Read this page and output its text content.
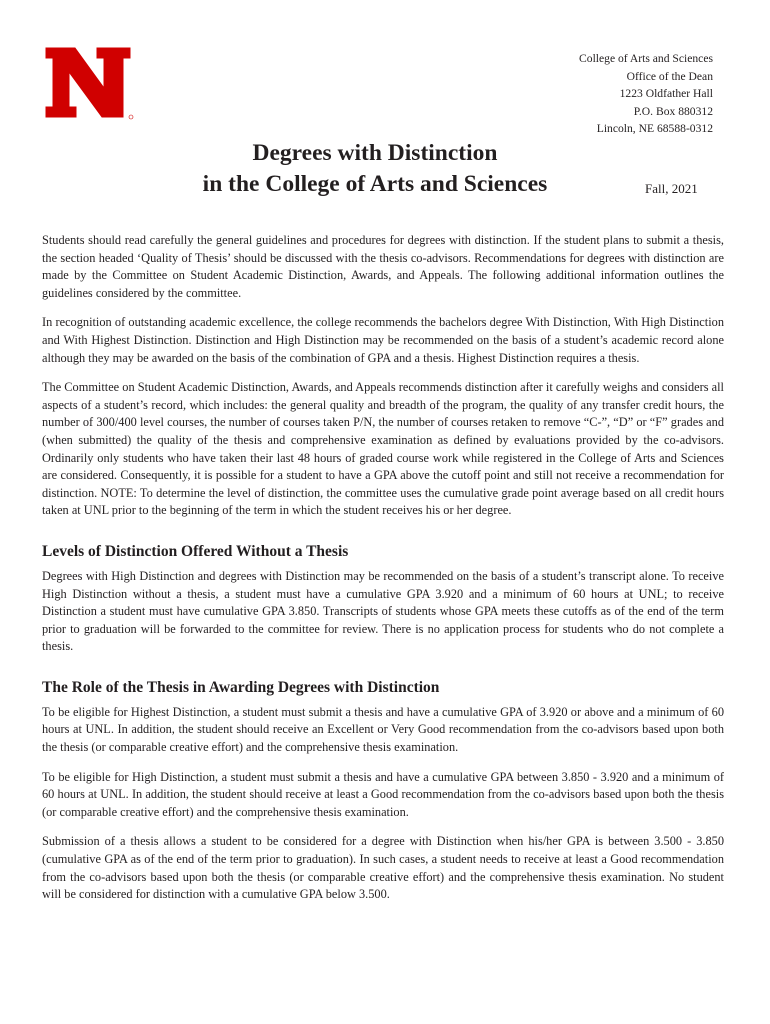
College of Arts and Sciences
Office of the Dean
1223 Oldfather Hall
P.O. Box 880312
Lincoln, NE 68588-0312
Degrees with Distinction
in the College of Arts and Sciences	Fall, 2021

Students should read carefully the general guidelines and procedures for degrees with distinction. If the student plans to submit a thesis, the section headed ‘Quality of Thesis’ should be discussed with the thesis co-advisors. Recommendations for degrees with distinction are made by the Committee on Student Academic Distinction, Awards, and Appeals. The following additional information outlines the guidelines considered by the committee.

In recognition of outstanding academic excellence, the college recommends the bachelors degree With Distinction, With High Distinction and With Highest Distinction. Distinction and High Distinction may be recommended on the basis of a student’s academic record alone although they may be awarded on the basis of the combination of GPA and a thesis. Highest Distinction requires a thesis.

The Committee on Student Academic Distinction, Awards, and Appeals recommends distinction after it carefully weighs and considers all aspects of a student’s record, which includes: the general quality and breadth of the program, the quality of any transfer credit hours, the number of 300/400 level courses, the number of courses taken P/N, the number of courses retaken to remove “C-”, “D” or “F” grades and (when submitted) the quality of the thesis and comprehensive examination as defined by evaluations provided by the co-advisors. Ordinarily only students who have taken their last 48 hours of graded course work while registered in the College of Arts and Sciences are considered. Consequently, it is possible for a student to have a GPA above the cutoff point and still not receive a recommendation for distinction. NOTE: To determine the level of distinction, the committee uses the cumulative grade point average based on all credit hours taken at UNL prior to the beginning of the term in which the student receives his or her degree.

Levels of Distinction Offered Without a Thesis

Degrees with High Distinction and degrees with Distinction may be recommended on the basis of a student’s transcript alone. To receive High Distinction without a thesis, a student must have a cumulative GPA 3.920 and a minimum of 60 hours at UNL; to receive Distinction a student must have cumulative GPA 3.850. Transcripts of students whose GPA meets these cutoffs as of the end of the term prior to graduation will be forwarded to the committee for review. There is no application process for students who do not complete a thesis.

The Role of the Thesis in Awarding Degrees with Distinction

To be eligible for Highest Distinction, a student must submit a thesis and have a cumulative GPA of 3.920 or above and a minimum of 60 hours at UNL. In addition, the student should receive an Excellent or Very Good recommendation from the co-advisors based upon both the thesis (or comparable creative effort) and the comprehensive thesis examination.

To be eligible for High Distinction, a student must submit a thesis and have a cumulative GPA between 3.850 - 3.920 and a minimum of 60 hours at UNL. In addition, the student should receive at least a Good recommendation from the co-advisors based upon both the thesis (or comparable creative effort) and the comprehensive thesis examination.

Submission of a thesis allows a student to be considered for a degree with Distinction when his/her GPA is between 3.500 - 3.850 (cumulative GPA as of the end of the term prior to graduation). In such cases, a student needs to receive at least a Good recommendation from the co-advisors based upon both the thesis (or comparable creative effort) and the comprehensive thesis examination. No student will be considered for distinction with a cumulative GPA below 3.500.
